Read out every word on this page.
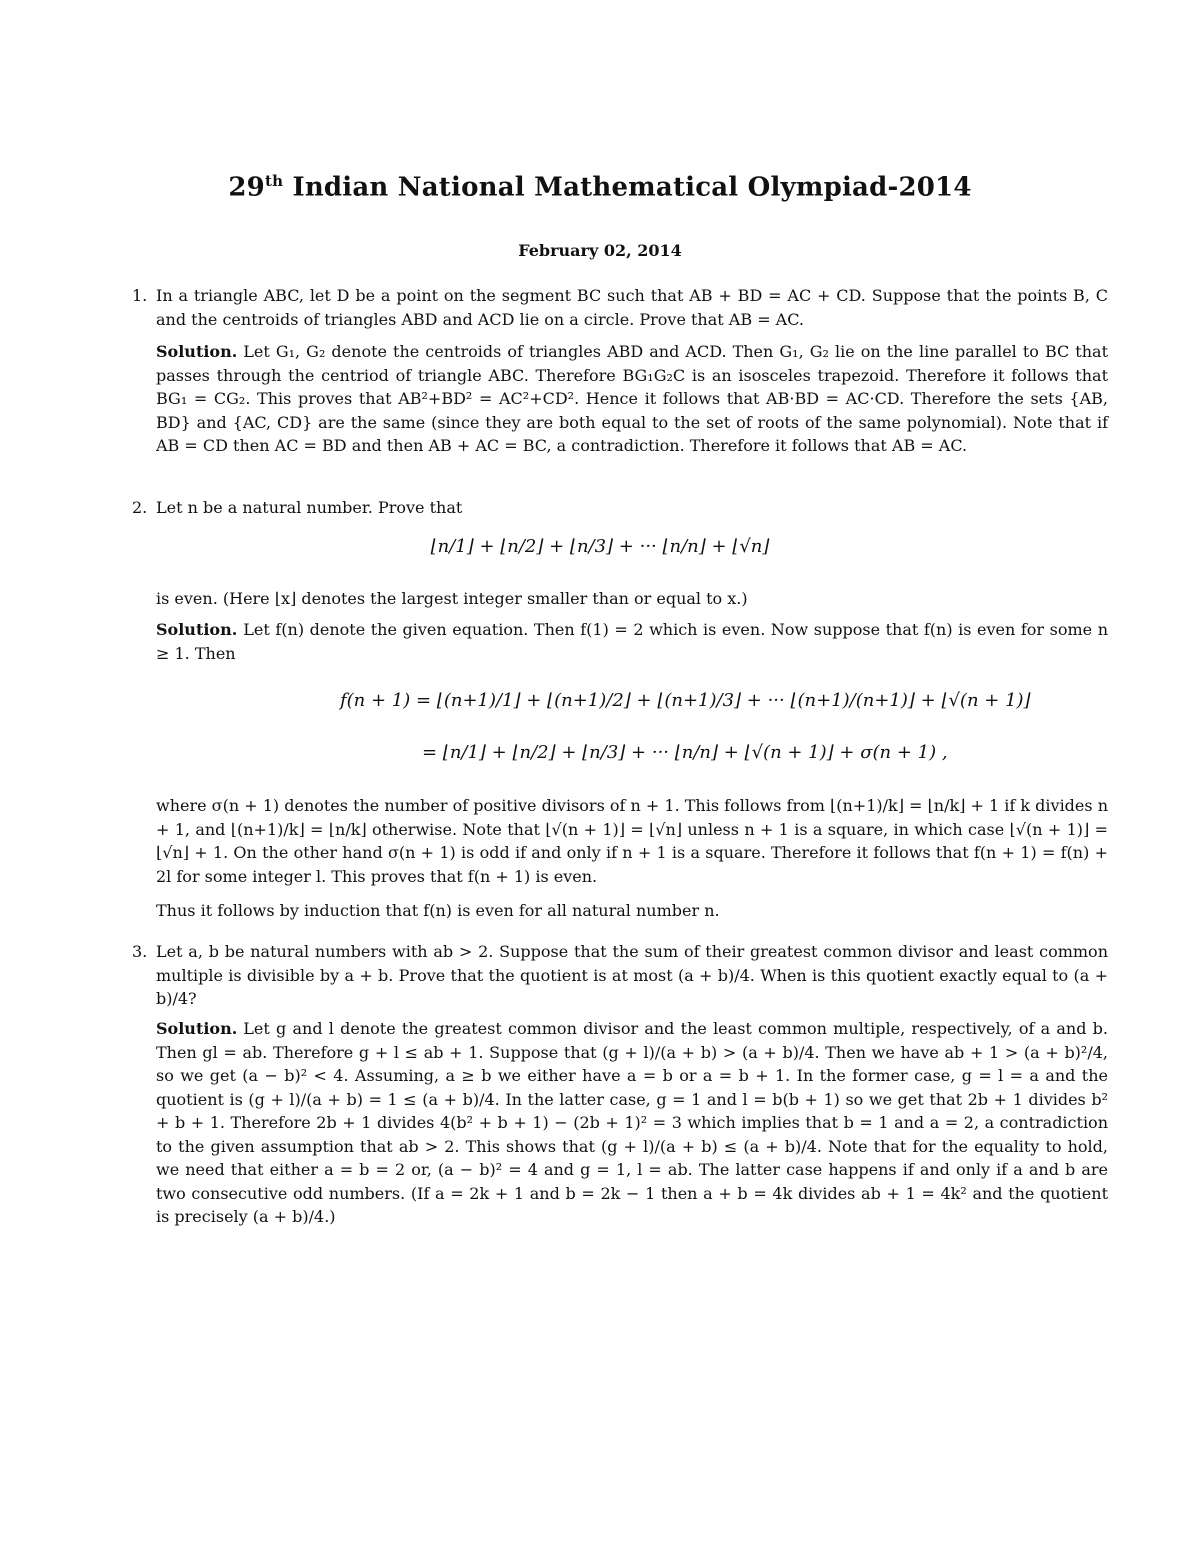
29th Indian National Mathematical Olympiad-2014
February 02, 2014
1. In a triangle ABC, let D be a point on the segment BC such that AB + BD = AC + CD. Suppose that the points B, C and the centroids of triangles ABD and ACD lie on a circle. Prove that AB = AC.
Solution. Let G₁, G₂ denote the centroids of triangles ABD and ACD. Then G₁, G₂ lie on the line parallel to BC that passes through the centriod of triangle ABC. Therefore BG₁G₂C is an isosceles trapezoid. Therefore it follows that BG₁ = CG₂. This proves that AB²+BD² = AC²+CD². Hence it follows that AB·BD = AC·CD. Therefore the sets {AB, BD} and {AC, CD} are the same (since they are both equal to the set of roots of the same polynomial). Note that if AB = CD then AC = BD and then AB + AC = BC, a contradiction. Therefore it follows that AB = AC.
2. Let n be a natural number. Prove that
⌊n/1⌋ + ⌊n/2⌋ + ⌊n/3⌋ + ··· ⌊n/n⌋ + ⌊√n⌋
is even. (Here ⌊x⌋ denotes the largest integer smaller than or equal to x.)
Solution. Let f(n) denote the given equation. Then f(1) = 2 which is even. Now suppose that f(n) is even for some n ≥ 1. Then
f(n + 1) = ⌊(n+1)/1⌋ + ⌊(n+1)/2⌋ + ⌊(n+1)/3⌋ + ··· ⌊(n+1)/(n+1)⌋ + ⌊√(n + 1)⌋
= ⌊n/1⌋ + ⌊n/2⌋ + ⌊n/3⌋ + ··· ⌊n/n⌋ + ⌊√(n + 1)⌋ + σ(n + 1) ,
where σ(n + 1) denotes the number of positive divisors of n + 1. This follows from ⌊(n+1)/k⌋ = ⌊n/k⌋ + 1 if k divides n + 1, and ⌊(n+1)/k⌋ = ⌊n/k⌋ otherwise. Note that ⌊√(n + 1)⌋ = ⌊√n⌋ unless n + 1 is a square, in which case ⌊√(n + 1)⌋ = ⌊√n⌋ + 1. On the other hand σ(n + 1) is odd if and only if n + 1 is a square. Therefore it follows that f(n + 1) = f(n) + 2l for some integer l. This proves that f(n + 1) is even.
Thus it follows by induction that f(n) is even for all natural number n.
3. Let a, b be natural numbers with ab > 2. Suppose that the sum of their greatest common divisor and least common multiple is divisible by a + b. Prove that the quotient is at most (a + b)/4. When is this quotient exactly equal to (a + b)/4?
Solution. Let g and l denote the greatest common divisor and the least common multiple, respectively, of a and b. Then gl = ab. Therefore g + l ≤ ab + 1. Suppose that (g + l)/(a + b) > (a + b)/4. Then we have ab + 1 > (a + b)²/4, so we get (a − b)² < 4. Assuming, a ≥ b we either have a = b or a = b + 1. In the former case, g = l = a and the quotient is (g + l)/(a + b) = 1 ≤ (a + b)/4. In the latter case, g = 1 and l = b(b + 1) so we get that 2b + 1 divides b² + b + 1. Therefore 2b + 1 divides 4(b² + b + 1) − (2b + 1)² = 3 which implies that b = 1 and a = 2, a contradiction to the given assumption that ab > 2. This shows that (g + l)/(a + b) ≤ (a + b)/4. Note that for the equality to hold, we need that either a = b = 2 or, (a − b)² = 4 and g = 1, l = ab. The latter case happens if and only if a and b are two consecutive odd numbers. (If a = 2k + 1 and b = 2k − 1 then a + b = 4k divides ab + 1 = 4k² and the quotient is precisely (a + b)/4.)
